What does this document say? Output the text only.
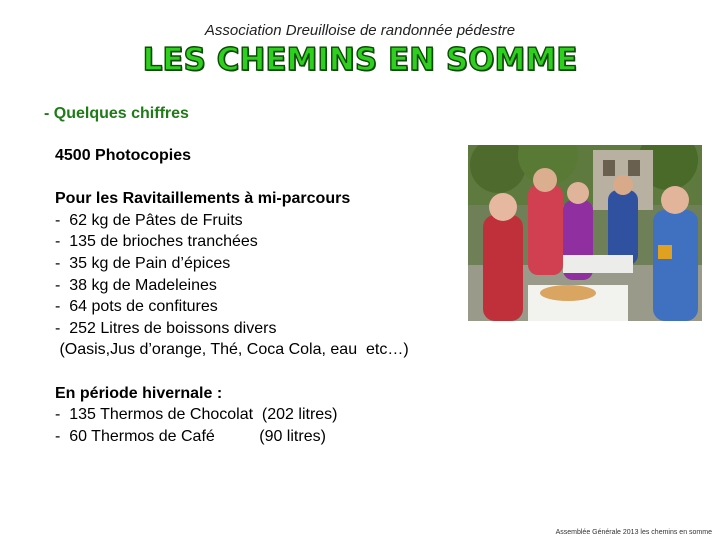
Association Dreuilloise de randonnée pédestre
LES CHEMINS EN SOMME
- Quelques chiffres
4500 Photocopies
Pour les Ravitaillements à mi-parcours
-  62 kg de Pâtes de Fruits
-  135 de brioches tranchées
-  35 kg de Pain d’épices
-  38 kg de Madeleines
-  64 pots de confitures
-  252 Litres de boissons divers
(Oasis,Jus d’orange, Thé, Coca Cola, eau  etc…)
En période hivernale :
-  135 Thermos de Chocolat  (202 litres)
-  60 Thermos de Café          (90 litres)
Assemblée Générale 2013 les chemins en somme
